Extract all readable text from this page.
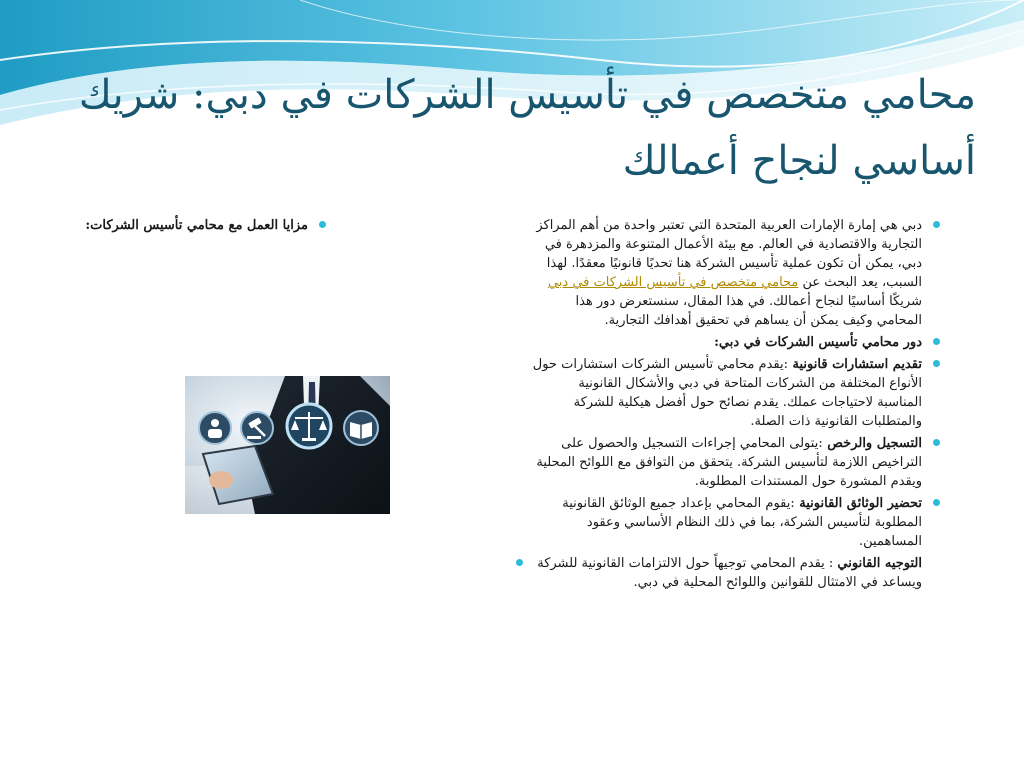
محامي متخصص في تأسيس الشركات في دبي: شريك
أساسي لنجاح أعمالك

دبي هي إمارة الإمارات العربية المتحدة التي تعتبر واحدة من أهم المراكز التجارية والاقتصادية في العالم. مع بيئة الأعمال المتنوعة والمزدهرة في دبي، يمكن أن تكون عملية تأسيس الشركة هنا تحديًا قانونيًا معقدًا. لهذا السبب، يعد البحث عن محامي متخصص في تأسيس الشركات في دبي شريكًا أساسيًا لنجاح أعمالك. في هذا المقال، سنستعرض دور هذا المحامي وكيف يمكن أن يساهم في تحقيق أهدافك التجارية.

دور محامي تأسيس الشركات في دبي:

تقديم استشارات قانونية :يقدم محامي تأسيس الشركات استشارات حول الأنواع المختلفة من الشركات المتاحة في دبي والأشكال القانونية المناسبة لاحتياجات عملك. يقدم نصائح حول أفضل هيكلية للشركة والمتطلبات القانونية ذات الصلة.

التسجيل والرخص :يتولى المحامي إجراءات التسجيل والحصول على التراخيص اللازمة لتأسيس الشركة. يتحقق من التوافق مع اللوائح المحلية ويقدم المشورة حول المستندات المطلوبة.

تحضير الوثائق القانونية :يقوم المحامي بإعداد جميع الوثائق القانونية المطلوبة لتأسيس الشركة، بما في ذلك النظام الأساسي وعقود المساهمين.

التوجيه القانوني : يقدم المحامي توجيهاً حول الالتزامات القانونية للشركة ويساعد في الامتثال للقوانين واللوائح المحلية في دبي.

مزايا العمل مع محامي تأسيس الشركات:
